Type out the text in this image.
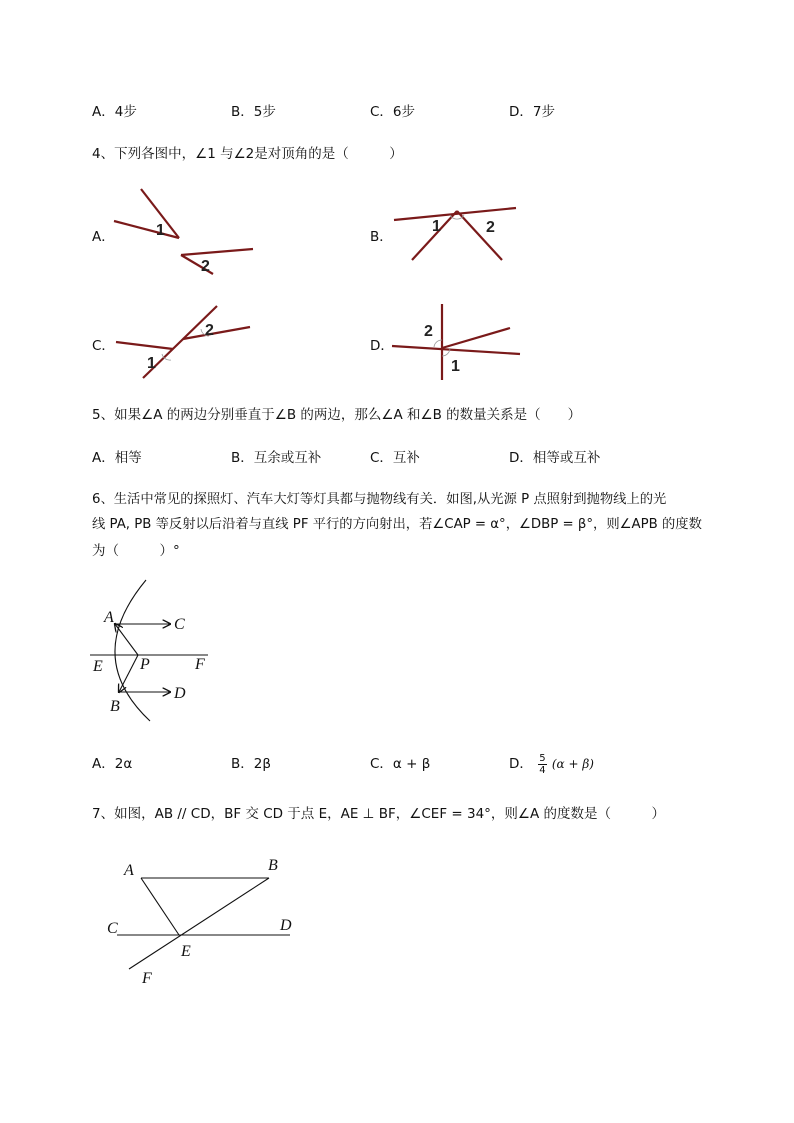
A．4步	B．5步	C．6步	D．7步
4、下列各图中，∠1 与∠2是对顶角的是（　　　）
A．	1
2
B．
1	2
C．
1
2
D．
2
1
5、如果∠A 的两边分别垂直于∠B 的两边，那么∠A 和∠B 的数量关系是（　　）
A．相等	B．互余或互补	C．互补	D．相等或互补
6、生活中常见的探照灯、汽车大灯等灯具都与抛物线有关．如图,从光源 P 点照射到抛物线上的光
线 PA, PB 等反射以后沿着与直线 PF 平行的方向射出，若∠CAP = α°，∠DBP = β°，则∠APB 的度数
为（　　　）°
A	C
E P	F
D
B
A．2α	B．2β	C．α + β	D． $\frac{5}{4} (\alpha + \beta)$
7、如图，AB // CD，BF 交 CD 于点 E，AE ⊥ BF，∠CEF = 34°，则∠A 的度数是（　　　）
A	B
C	D
E
F
